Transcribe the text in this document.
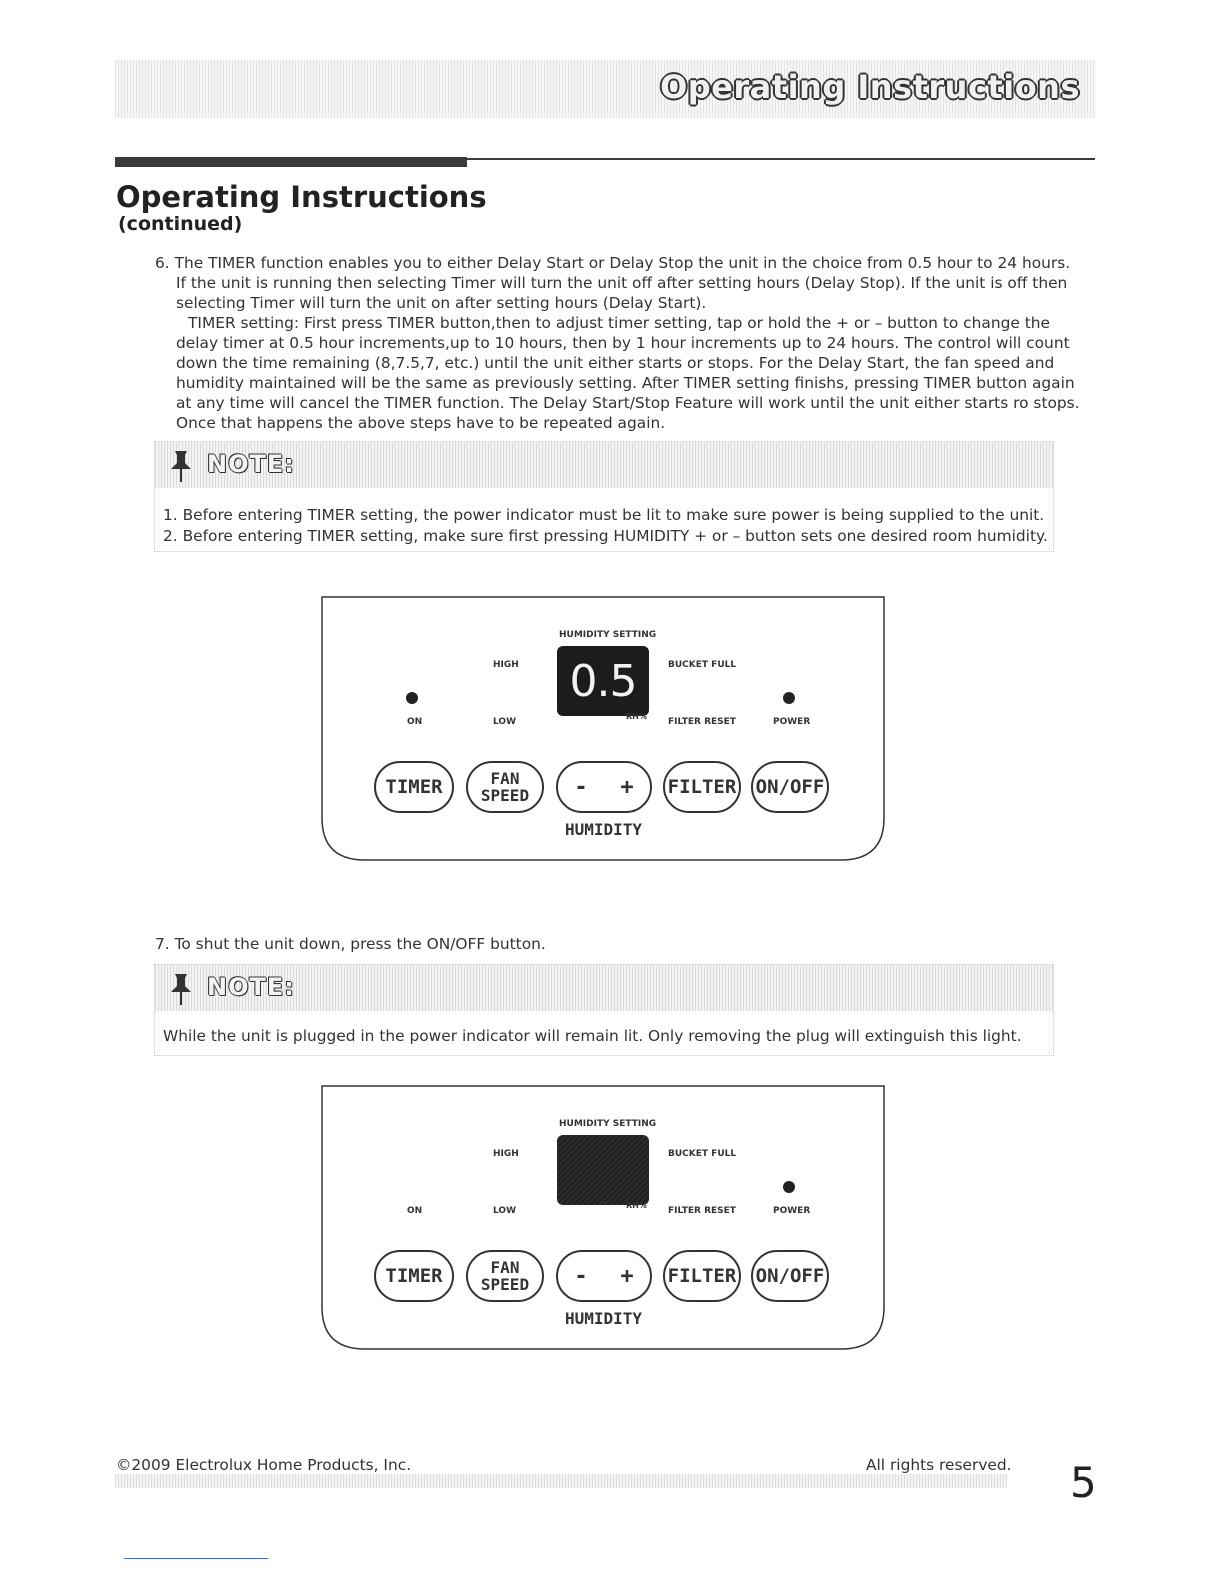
Operating Instructions
Operating Instructions
(continued)
6. The TIMER function enables you to either Delay Start or Delay Stop the unit in the choice from 0.5 hour to 24 hours.
If the unit is running then selecting Timer will turn the unit off after setting hours (Delay Stop). If the unit is off then
selecting Timer will turn the unit on after setting hours (Delay Start).
TIMER setting: First press TIMER button,then to adjust timer setting, tap or hold the + or – button to change the
delay timer at 0.5 hour increments,up to 10 hours, then by 1 hour increments up to 24 hours. The control will count
down the time remaining (8,7.5,7, etc.) until the unit either starts or stops. For the Delay Start, the fan speed and
humidity maintained will be the same as previously setting. After TIMER setting finishs, pressing TIMER button again
at any time will cancel the TIMER function. The Delay Start/Stop Feature will work until the unit either starts ro stops.
Once that happens the above steps have to be repeated again.
NOTE:
1. Before entering TIMER setting, the power indicator must be lit to make sure power is being supplied to the unit.
2. Before entering TIMER setting, make sure first pressing HUMIDITY + or – button sets one desired room humidity.
HUMIDITY SETTING
HIGH	BUCKET FULL
0.5
ON	LOW
RH%
FILTER RESET	POWER
TIMER	FAN
SPEED - + FILTER ON/OFF
HUMIDITY
7. To shut the unit down, press the ON/OFF button.
NOTE:
While the unit is plugged in the power indicator will remain lit. Only removing the plug will extinguish this light.
HUMIDITY SETTING
HIGH	BUCKET FULL
ON	LOW
RH%
FILTER RESET	POWER
TIMER	FAN
SPEED - + FILTER ON/OFF
HUMIDITY
©2009 Electrolux Home Products, Inc.	All rights reserved. 5
